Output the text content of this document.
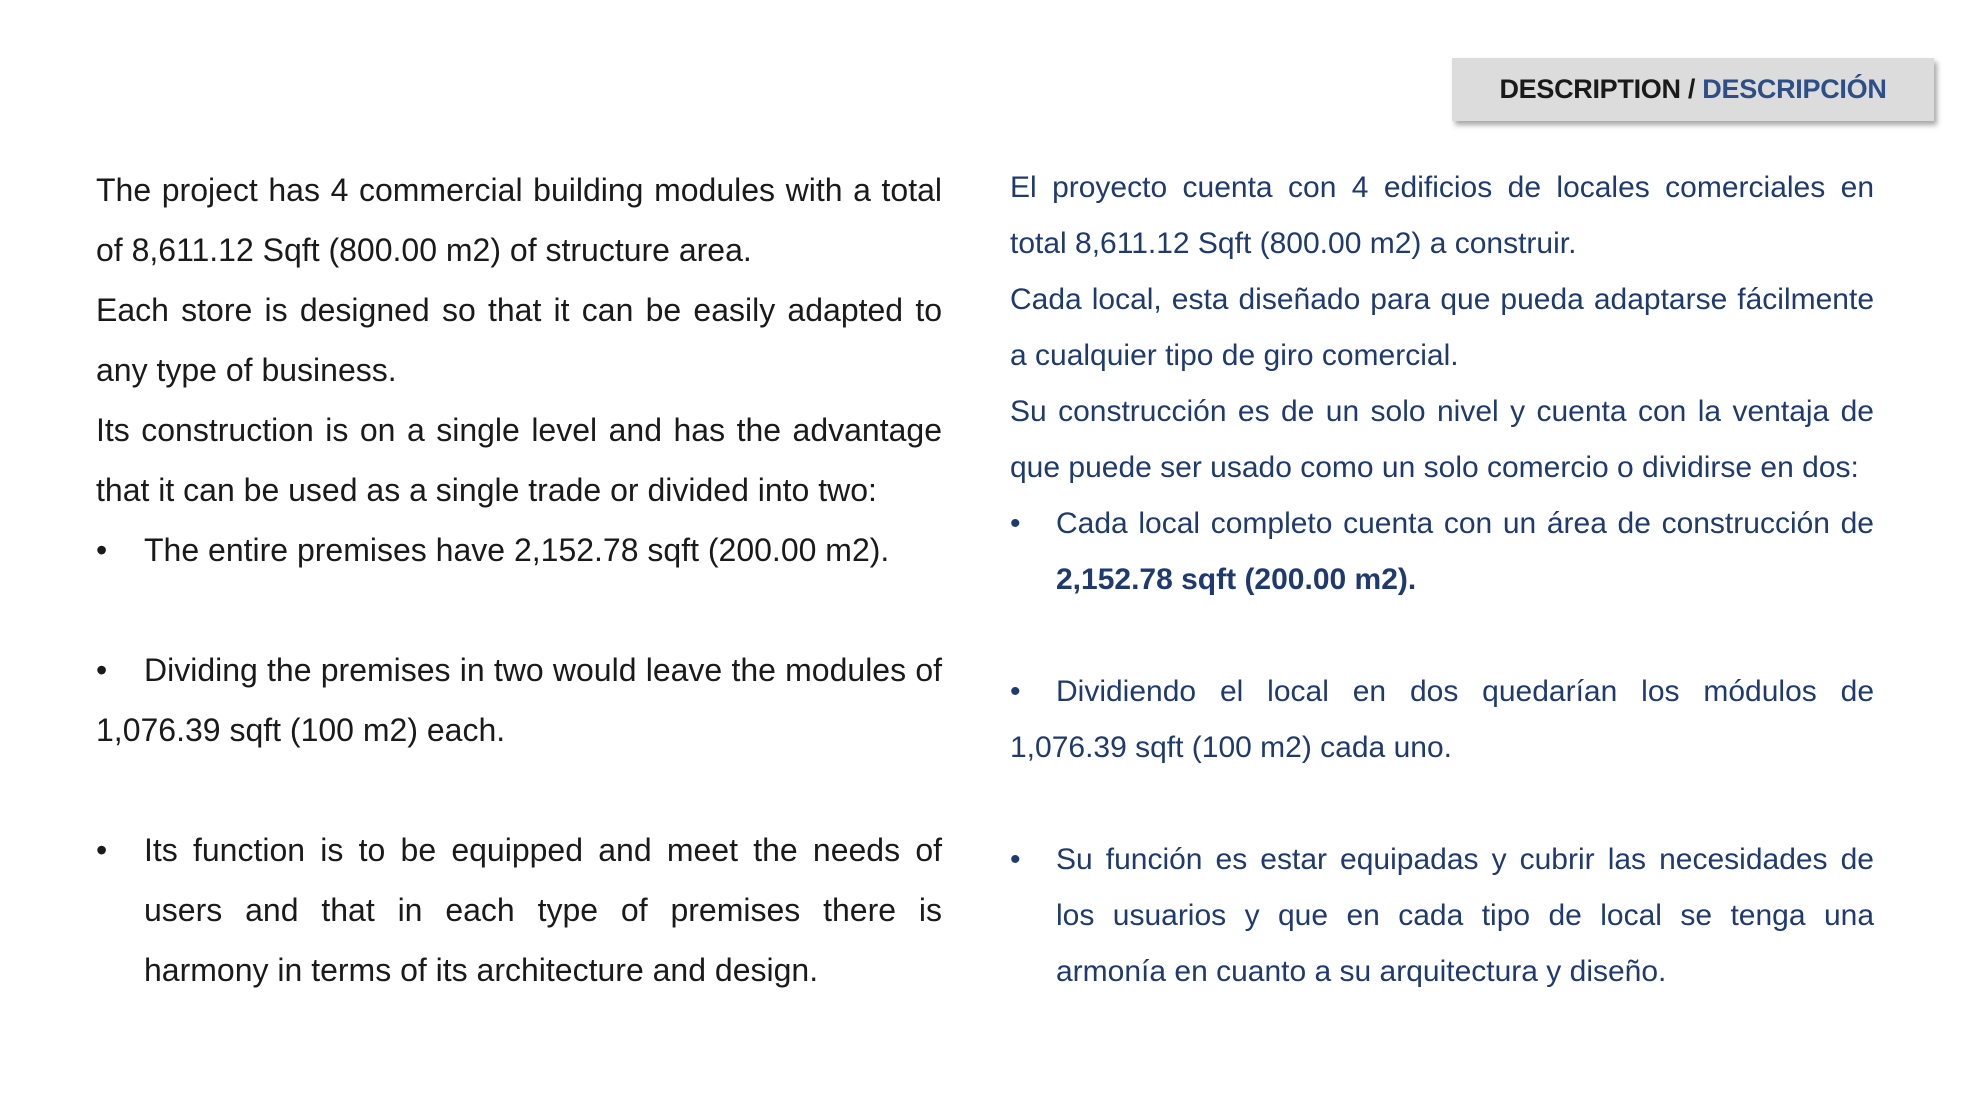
DESCRIPTION / DESCRIPCIÓN

The project has 4 commercial building modules with a total of 8,611.12 Sqft (800.00 m2) of structure area.

Each store is designed so that it can be easily adapted to any type of business.

Its construction is on a single level and has the advantage that it can be used as a single trade or divided into two:

• The entire premises have 2,152.78 sqft (200.00 m2).

• Dividing the premises in two would leave the modules of 1,076.39 sqft (100 m2) each.

• Its function is to be equipped and meet the needs of users and that in each type of premises there is harmony in terms of its architecture and design.

El proyecto cuenta con 4 edificios de locales comerciales en total 8,611.12 Sqft (800.00 m2) a construir.

Cada local, esta diseñado para que pueda adaptarse fácilmente a cualquier tipo de giro comercial.

Su construcción es de un solo nivel y cuenta con la ventaja de que puede ser usado como un solo comercio o dividirse en dos:

• Cada local completo cuenta con un área de construcción de 2,152.78 sqft (200.00 m2).

• Dividiendo el local en dos quedarían los módulos de 1,076.39 sqft (100 m2) cada uno.

• Su función es estar equipadas y cubrir las necesidades de los usuarios y que en cada tipo de local se tenga una armonía en cuanto a su arquitectura y diseño.
